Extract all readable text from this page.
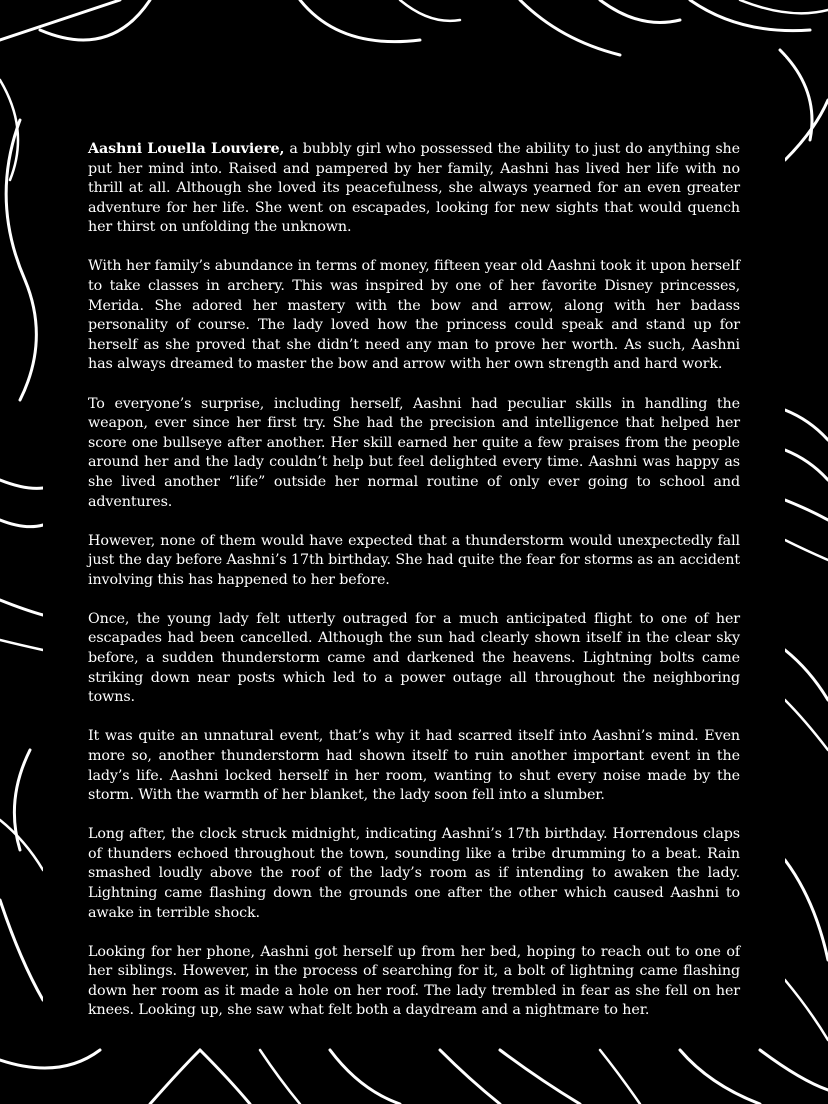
Aashni Louella Louviere, a bubbly girl who possessed the ability to just do anything she put her mind into. Raised and pampered by her family, Aashni has lived her life with no thrill at all. Although she loved its peacefulness, she always yearned for an even greater adventure for her life. She went on escapades, looking for new sights that would quench her thirst on unfolding the unknown.

With her family’s abundance in terms of money, fifteen year old Aashni took it upon herself to take classes in archery. This was inspired by one of her favorite Disney princesses, Merida. She adored her mastery with the bow and arrow, along with her badass personality of course. The lady loved how the princess could speak and stand up for herself as she proved that she didn’t need any man to prove her worth. As such, Aashni has always dreamed to master the bow and arrow with her own strength and hard work.

To everyone’s surprise, including herself, Aashni had peculiar skills in handling the weapon, ever since her first try. She had the precision and intelligence that helped her score one bullseye after another. Her skill earned her quite a few praises from the people around her and the lady couldn’t help but feel delighted every time. Aashni was happy as she lived another “life” outside her normal routine of only ever going to school and adventures.

However, none of them would have expected that a thunderstorm would unexpectedly fall just the day before Aashni’s 17th birthday. She had quite the fear for storms as an accident involving this has happened to her before.

Once, the young lady felt utterly outraged for a much anticipated flight to one of her escapades had been cancelled. Although the sun had clearly shown itself in the clear sky before, a sudden thunderstorm came and darkened the heavens. Lightning bolts came striking down near posts which led to a power outage all throughout the neighboring towns.

It was quite an unnatural event, that’s why it had scarred itself into Aashni’s mind. Even more so, another thunderstorm had shown itself to ruin another important event in the lady’s life. Aashni locked herself in her room, wanting to shut every noise made by the storm. With the warmth of her blanket, the lady soon fell into a slumber.

Long after, the clock struck midnight, indicating Aashni’s 17th birthday. Horrendous claps of thunders echoed throughout the town, sounding like a tribe drumming to a beat. Rain smashed loudly above the roof of the lady’s room as if intending to awaken the lady. Lightning came flashing down the grounds one after the other which caused Aashni to awake in terrible shock.

Looking for her phone, Aashni got herself up from her bed, hoping to reach out to one of her siblings. However, in the process of searching for it, a bolt of lightning came flashing down her room as it made a hole on her roof. The lady trembled in fear as she fell on her knees. Looking up, she saw what felt both a daydream and a nightmare to her.
